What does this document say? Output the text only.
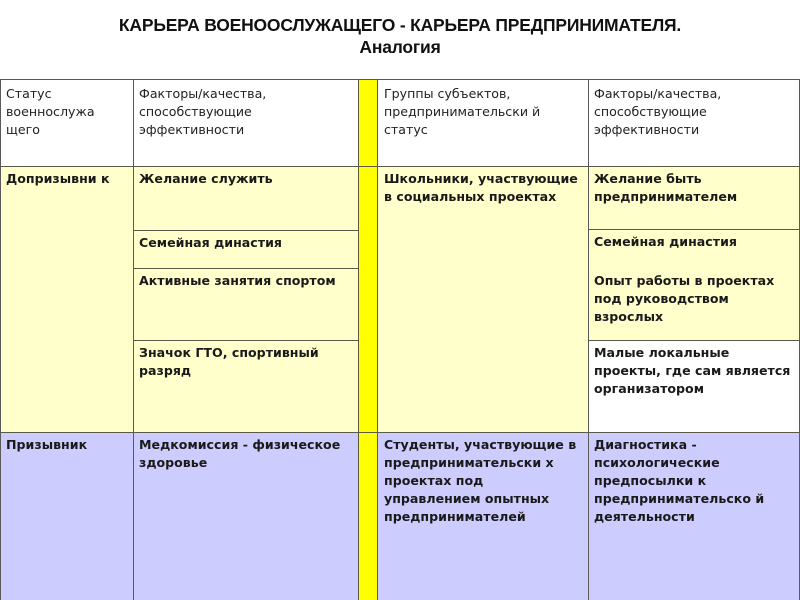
КАРЬЕРА ВОЕНООСЛУЖАЩЕГО - КАРЬЕРА ПРЕДПРИНИМАТЕЛЯ.
Аналогия
Статус военнослужа щего
Факторы/качества, способствующие эффективности
Группы субъектов, предпринимательски й статус
Факторы/качества, способствующие эффективности
Допризывни к	Желание служить
Семейная династия
Активные занятия спортом
Значок ГТО, спортивный разряд
Школьники, участвующие в социальных проектах
Желание быть предпринимателем
Семейная династия
Опыт работы в проектах под руководством взрослых
Малые локальные проекты, где сам является организатором
Призывник	Медкомиссия - физическое здоровье
Студенты, участвующие в предпринимательски х проектах под управлением опытных предпринимателей
Диагностика - психологические предпосылки к предпринимательско й деятельности
